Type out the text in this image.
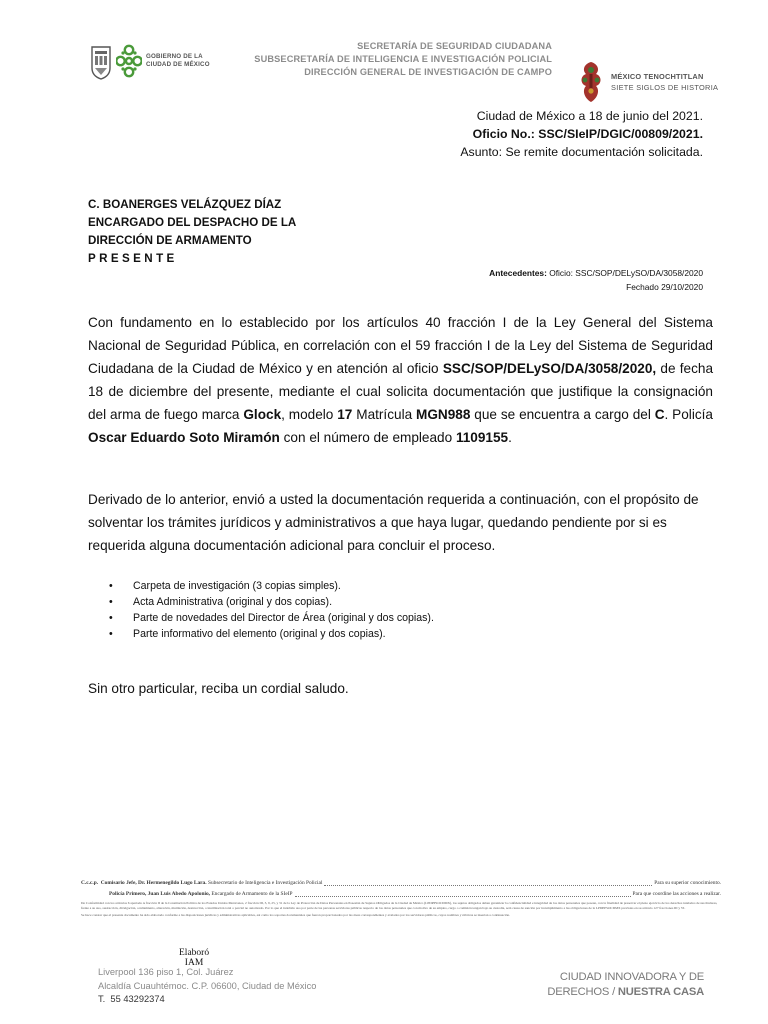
GOBIERNO DE LA
CIUDAD DE MÉXICO
SECRETARÍA DE SEGURIDAD CIUDADANA
SUBSECRETARÍA DE INTELIGENCIA E INVESTIGACIÓN POLICIAL
DIRECCIÓN GENERAL DE INVESTIGACIÓN DE CAMPO	MÉXICO TENOCHTITLAN
SIETE SIGLOS DE HISTORIA
Ciudad de México a 18 de junio del 2021.
Oficio No.: SSC/SIeIP/DGIC/00809/2021.
Asunto: Se remite documentación solicitada.
C. BOANERGES VELÁZQUEZ DÍAZ
ENCARGADO DEL DESPACHO DE LA
DIRECCIÓN DE ARMAMENTO
PRESENTE
Antecedentes: Oficio: SSC/SOP/DELySO/DA/3058/2020
Fechado 29/10/2020
Con fundamento en lo establecido por los artículos 40 fracción I de la Ley General del Sistema Nacional de Seguridad Pública, en correlación con el 59 fracción I de la Ley del Sistema de Seguridad Ciudadana de la Ciudad de México y en atención al oficio SSC/SOP/DELySO/DA/3058/2020, de fecha 18 de diciembre del presente, mediante el cual solicita documentación que justifique la consignación del arma de fuego marca Glock, modelo 17 Matrícula MGN988 que se encuentra a cargo del C. Policía Oscar Eduardo Soto Miramón con el número de empleado 1109155.
Derivado de lo anterior, envió a usted la documentación requerida a continuación, con el propósito de solventar los trámites jurídicos y administrativos a que haya lugar, quedando pendiente por si es requerida alguna documentación adicional para concluir el proceso.
• Carpeta de investigación (3 copias simples).
• Acta Administrativa (original y dos copias).
• Parte de novedades del Director de Área (original y dos copias).
• Parte informativo del elemento (original y dos copias).
Sin otro particular, reciba un cordial saludo.
C.c.c.p. Comisario Jefe, Dr. Hermenegildo Lugo Lara. Subsecretario de Inteligencia e Investigación Policial	Para su superior conocimiento.
Policía Primero, Juan Luis Abedo Apolonio, Encargado de Armamento de la SIeIP	Para que coordine las acciones a realizar.
De Conformidad con los artículos 6 apartado A fracción II de la Constitución Política de los Estados Unidos Mexicanos, 2 fracción III, 3, 9, 25, y 31 de la Ley de Protección de Datos Personales en Posesión de Sujetos Obligados de la Ciudad de México (LPDPPSOCDMX), los sujetos obligados deben garantizar la confidencialidad e integridad de los datos personales que posean, con la finalidad de preservar el pleno ejercicio de los derechos tutelados de sus titulares, frente a su uso, sustracción, divulgación, ocultamiento, alteración, mutilación, destrucción, o inutilización total o parcial no autorizado. Por lo que el indebido uso por parte de las personas servidoras públicas respecto de los datos personales que con motivo de su empleo, cargo o comisión tengan bajo su custodia, será causa de sanción por incumplimiento a las obligaciones de la LPDPPSOCDMX previstas en su artículo 127 fracciones III y VI.
Se hace constar que el presente documento ha sido elaborado conforme a las disposiciones jurídicas y administrativas aplicables, así como los soportes documentales que fueron proporcionados por las áreas correspondientes y avalados por los servidores públicos, cuyos nombres y rúbricas se insertan a continuación.
Elaboró
IAM
Liverpool 136 piso 1, Col. Juárez
Alcaldía Cuauhtémoc. C.P. 06600, Ciudad de México
T. 55 43292374
CIUDAD INNOVADORA Y DE
DERECHOS / NUESTRA CASA
